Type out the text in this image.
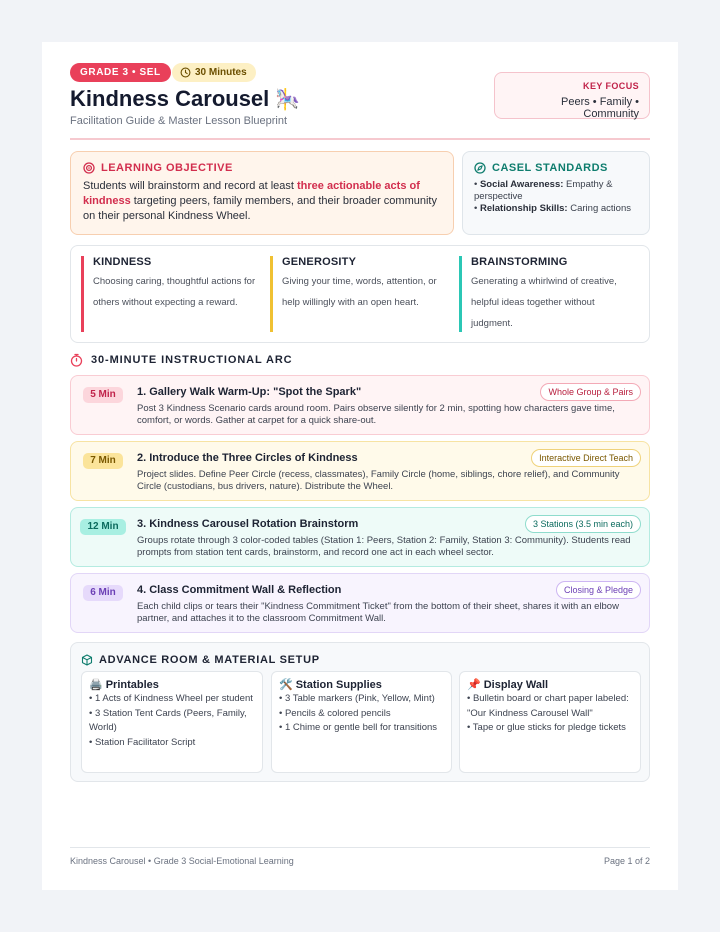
GRADE 3 • SEL	30 Minutes
Kindness Carousel 🎠
Facilitation Guide & Master Lesson Blueprint
KEY FOCUS
Peers • Family • Community
LEARNING OBJECTIVE

Students will brainstorm and record at least three actionable acts of kindness targeting peers, family members, and their broader community on their personal Kindness Wheel.

CASEL STANDARDS
• Social Awareness: Empathy & perspective
• Relationship Skills: Caring actions
KINDNESS

Choosing caring, thoughtful actions for others without expecting a reward.

GENEROSITY

Giving your time, words, attention, or help willingly with an open heart.

BRAINSTORMING

Generating a whirlwind of creative, helpful ideas together without judgment.

30-MINUTE INSTRUCTIONAL ARC
5 Min	1. Gallery Walk Warm-Up: "Spot the Spark"
Post 3 Kindness Scenario cards around room. Pairs observe silently for 2 min, spotting how characters gave time, comfort, or words. Gather at carpet for a quick share-out.
Whole Group & Pairs
7 Min	2. Introduce the Three Circles of Kindness
Project slides. Define Peer Circle (recess, classmates), Family Circle (home, siblings, chore relief), and Community Circle (custodians, bus drivers, nature). Distribute the Wheel.
Interactive Direct Teach
12 Min	3. Kindness Carousel Rotation Brainstorm
Groups rotate through 3 color-coded tables (Station 1: Peers, Station 2: Family, Station 3: Community). Students read prompts from station tent cards, brainstorm, and record one act in each wheel sector.
3 Stations (3.5 min each)
6 Min	4. Class Commitment Wall & Reflection
Each child clips or tears their "Kindness Commitment Ticket" from the bottom of their sheet, shares it with an elbow partner, and attaches it to the classroom Commitment Wall.
Closing & Pledge
ADVANCE ROOM & MATERIAL SETUP
🖨️ Printables
• 1 Acts of Kindness Wheel per student
• 3 Station Tent Cards (Peers, Family, World)
• Station Facilitator Script
🛠️ Station Supplies
• 3 Table markers (Pink, Yellow, Mint)
• Pencils & colored pencils
• 1 Chime or gentle bell for transitions
📌 Display Wall
• Bulletin board or chart paper labeled: "Our Kindness Carousel Wall"
• Tape or glue sticks for pledge tickets
Kindness Carousel • Grade 3 Social-Emotional Learning	Page 1 of 2
